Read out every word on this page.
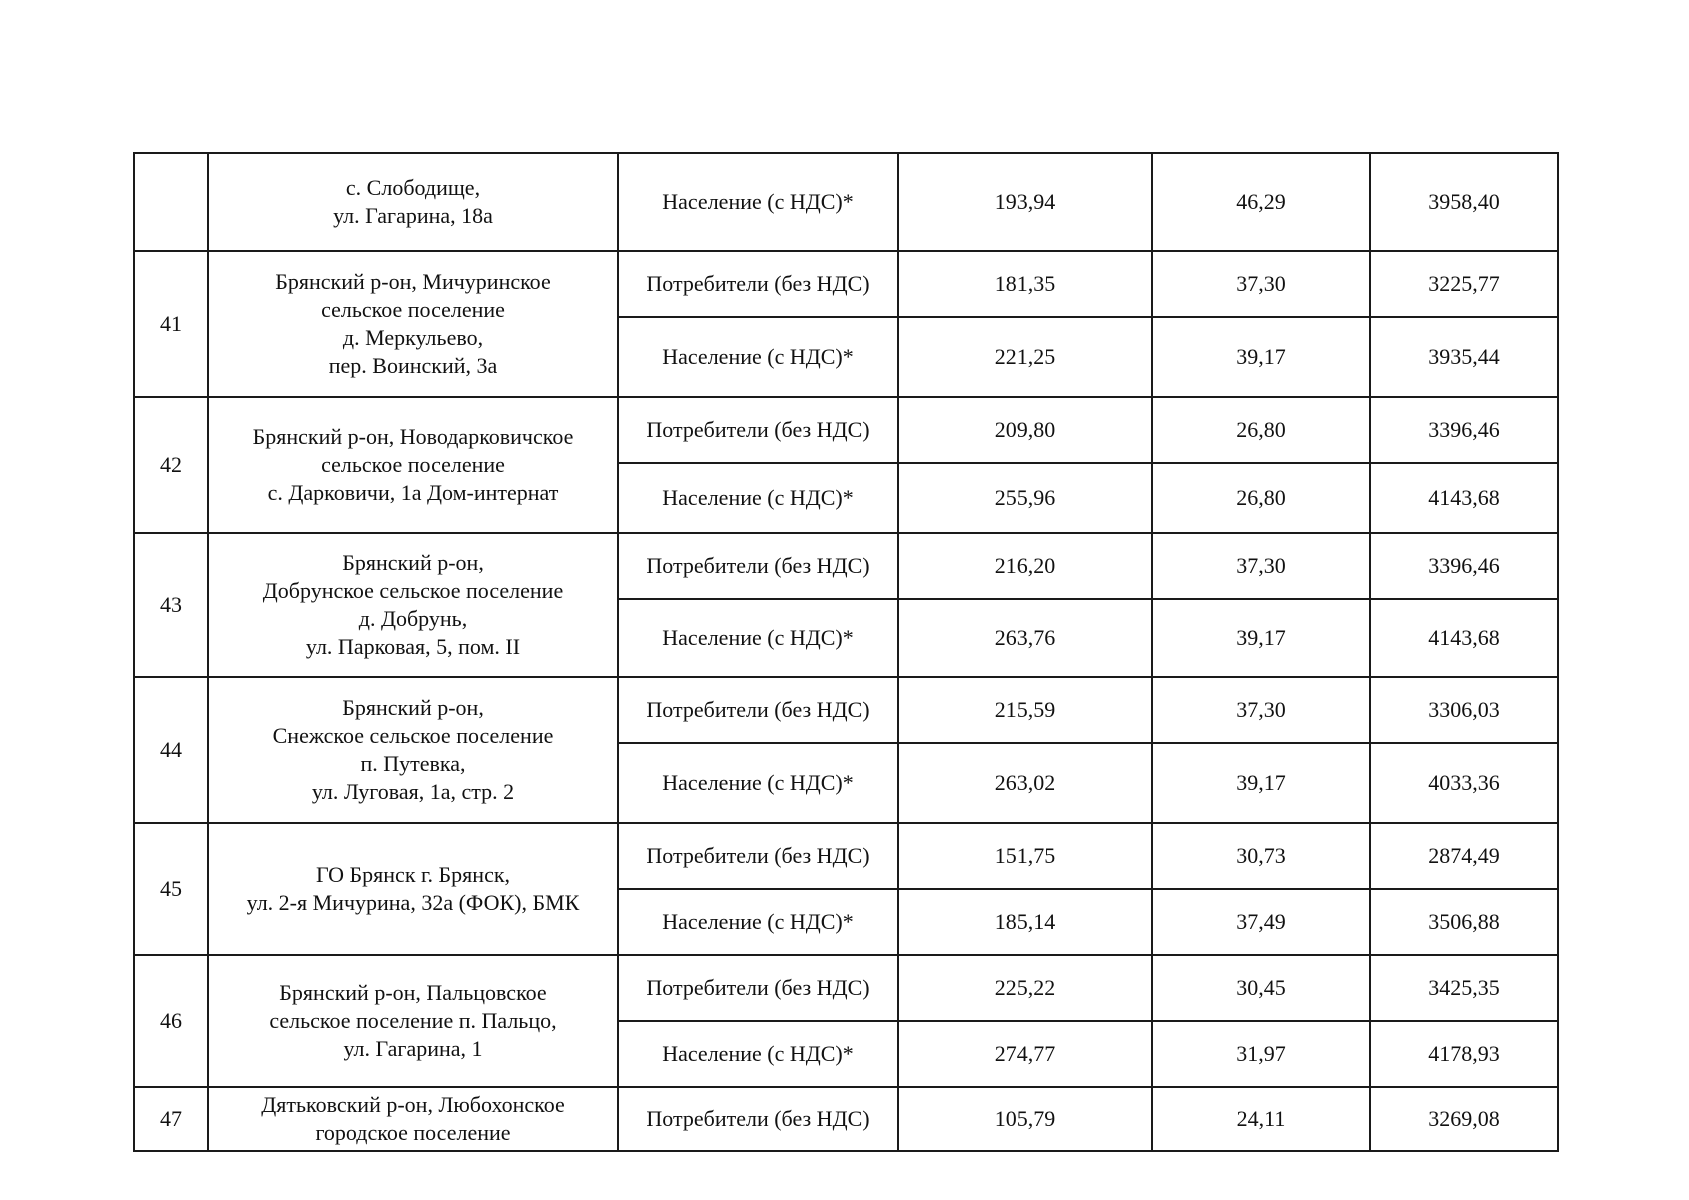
	с. Слободище,
ул. Гагарина, 18а	Население (с НДС)*	193,94	46,29	3958,40
41	Брянский р-он, Мичуринское
сельское поселение
д. Меркульево,
пер. Воинский, 3а	Потребители (без НДС)	181,35	37,30	3225,77
		Население (с НДС)*	221,25	39,17	3935,44
42	Брянский р-он, Новодарковичское
сельское поселение
с. Дарковичи, 1а Дом-интернат	Потребители (без НДС)	209,80	26,80	3396,46
		Население (с НДС)*	255,96	26,80	4143,68
43	Брянский р-он,
Добрунское сельское поселение
д. Добрунь,
ул. Парковая, 5, пом. II	Потребители (без НДС)	216,20	37,30	3396,46
		Население (с НДС)*	263,76	39,17	4143,68
44	Брянский р-он,
Снежское сельское поселение
п. Путевка,
ул. Луговая, 1а, стр. 2	Потребители (без НДС)	215,59	37,30	3306,03
		Население (с НДС)*	263,02	39,17	4033,36
45	ГО Брянск г. Брянск,
ул. 2-я Мичурина, 32а (ФОК), БМК	Потребители (без НДС)	151,75	30,73	2874,49
		Население (с НДС)*	185,14	37,49	3506,88
46	Брянский р-он, Пальцовское
сельское поселение п. Пальцо,
ул. Гагарина, 1	Потребители (без НДС)	225,22	30,45	3425,35
		Население (с НДС)*	274,77	31,97	4178,93
47	Дятьковский р-он, Любохонское
городское поселение	Потребители (без НДС)	105,79	24,11	3269,08
